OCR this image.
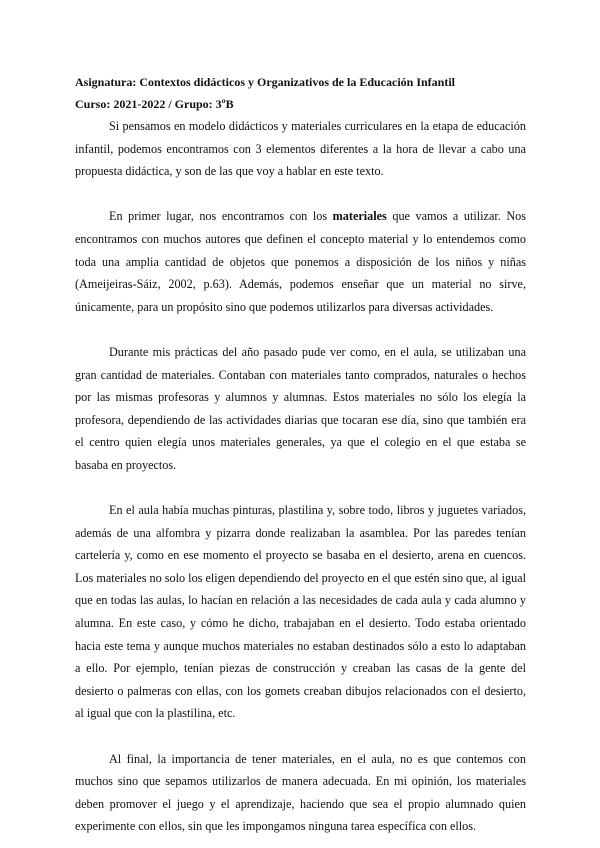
Asignatura: Contextos didácticos y Organizativos de la Educación Infantil

Curso: 2021-2022 / Grupo: 3ºB

Si pensamos en modelo didácticos y materiales curriculares en la etapa de educación infantil, podemos encontramos con 3 elementos diferentes a la hora de llevar a cabo una propuesta didáctica, y son de las que voy a hablar en este texto.

En primer lugar, nos encontramos con los materiales que vamos a utilizar. Nos encontramos con muchos autores que definen el concepto material y lo entendemos como toda una amplia cantidad de objetos que ponemos a disposición de los niños y niñas (Ameijeiras-Sáiz, 2002, p.63). Además, podemos enseñar que un material no sirve, únicamente, para un propósito sino que podemos utilizarlos para diversas actividades.

Durante mis prácticas del año pasado pude ver como, en el aula, se utilizaban una gran cantidad de materiales. Contaban con materiales tanto comprados, naturales o hechos por las mismas profesoras y alumnos y alumnas. Estos materiales no sólo los elegía la profesora, dependiendo de las actividades diarias que tocaran ese día, sino que también era el centro quien elegía unos materiales generales, ya que el colegio en el que estaba se basaba en proyectos.

En el aula había muchas pinturas, plastilina y, sobre todo, libros y juguetes variados, además de una alfombra y pizarra donde realizaban la asamblea. Por las paredes tenían cartelería y, como en ese momento el proyecto se basaba en el desierto, arena en cuencos. Los materiales no solo los eligen dependiendo del proyecto en el que estén sino que, al igual que en todas las aulas, lo hacían en relación a las necesidades de cada aula y cada alumno y alumna. En este caso, y cómo he dicho, trabajaban en el desierto. Todo estaba orientado hacia este tema y aunque muchos materiales no estaban destinados sólo a esto lo adaptaban a ello. Por ejemplo, tenían piezas de construcción y creaban las casas de la gente del desierto o palmeras con ellas, con los gomets creaban dibujos relacionados con el desierto, al igual que con la plastilina, etc.

Al final, la importancia de tener materiales, en el aula, no es que contemos con muchos sino que sepamos utilizarlos de manera adecuada. En mi opinión, los materiales deben promover el juego y el aprendizaje, haciendo que sea el propio alumnado quien experimente con ellos, sin que les impongamos ninguna tarea específica con ellos.
